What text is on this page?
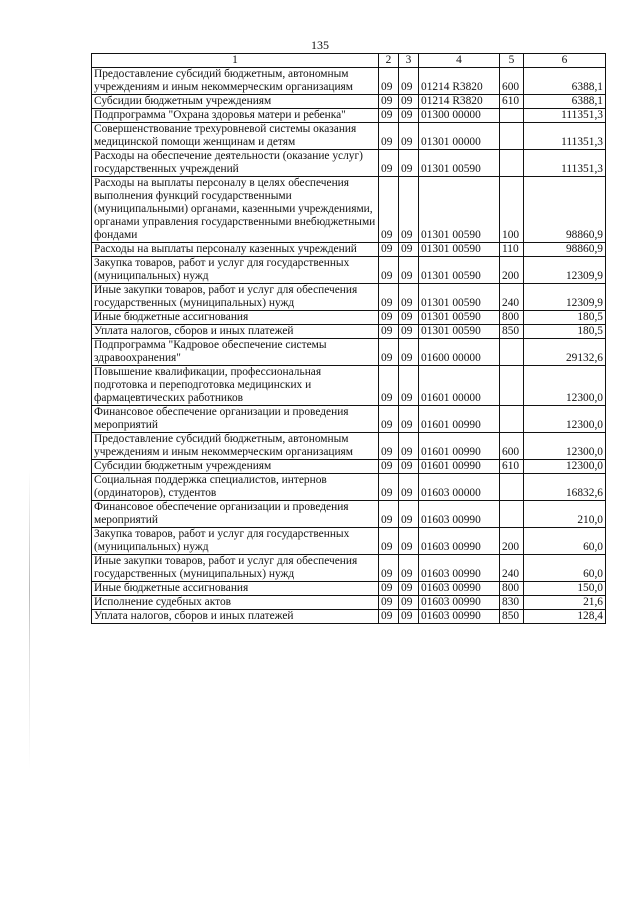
135
1	2	3	4	5	6
Предоставление субсидий бюджетным, автономным учреждениям и иным некоммерческим организациям	09	09	01214 R3820	600	6388,1
Субсидии бюджетным учреждениям	09	09	01214 R3820	610	6388,1
Подпрограмма "Охрана здоровья матери и ребенка"	09	09	01300 00000		111351,3
Совершенствование трехуровневой системы оказания медицинской помощи женщинам и детям	09	09	01301 00000		111351,3
Расходы на обеспечение деятельности (оказание услуг) государственных учреждений	09	09	01301 00590		111351,3
Расходы на выплаты персоналу в целях обеспечения выполнения функций государственными (муниципальными) органами, казенными учреждениями, органами управления государственными внебюджетными фондами	09	09	01301 00590	100	98860,9
Расходы на выплаты персоналу казенных учреждений	09	09	01301 00590	110	98860,9
Закупка товаров, работ и услуг для государственных (муниципальных) нужд	09	09	01301 00590	200	12309,9
Иные закупки товаров, работ и услуг для обеспечения государственных (муниципальных) нужд	09	09	01301 00590	240	12309,9
Иные бюджетные ассигнования	09	09	01301 00590	800	180,5
Уплата налогов, сборов и иных платежей	09	09	01301 00590	850	180,5
Подпрограмма "Кадровое обеспечение системы здравоохранения"	09	09	01600 00000		29132,6
Повышение квалификации, профессиональная подготовка и переподготовка медицинских и фармацевтических работников	09	09	01601 00000		12300,0
Финансовое обеспечение организации и проведения мероприятий	09	09	01601 00990		12300,0
Предоставление субсидий бюджетным, автономным учреждениям и иным некоммерческим организациям	09	09	01601 00990	600	12300,0
Субсидии бюджетным учреждениям	09	09	01601 00990	610	12300,0
Социальная поддержка специалистов, интернов (ординаторов), студентов	09	09	01603 00000		16832,6
Финансовое обеспечение организации и проведения мероприятий	09	09	01603 00990		210,0
Закупка товаров, работ и услуг для государственных (муниципальных) нужд	09	09	01603 00990	200	60,0
Иные закупки товаров, работ и услуг для обеспечения государственных (муниципальных) нужд	09	09	01603 00990	240	60,0
Иные бюджетные ассигнования	09	09	01603 00990	800	150,0
Исполнение судебных актов	09	09	01603 00990	830	21,6
Уплата налогов, сборов и иных платежей	09	09	01603 00990	850	128,4
